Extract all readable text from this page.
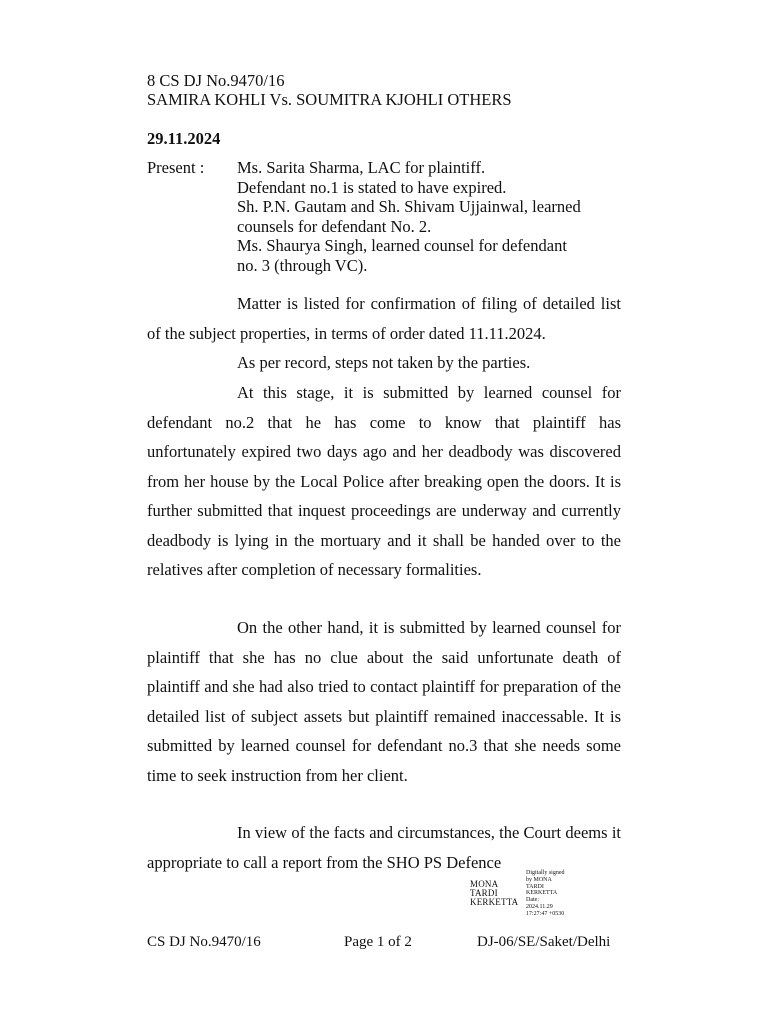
8 CS DJ No.9470/16
SAMIRA KOHLI Vs. SOUMITRA KJOHLI OTHERS
29.11.2024
Present : Ms. Sarita Sharma, LAC for plaintiff.
Defendant no.1 is stated to have expired.
Sh. P.N. Gautam and Sh. Shivam Ujjainwal, learned
counsels for defendant No. 2.
Ms. Shaurya Singh, learned counsel for defendant
no. 3 (through VC).
Matter is listed for confirmation of filing of detailed list of the subject properties, in terms of order dated 11.11.2024.
As per record, steps not taken by the parties.
At this stage, it is submitted by learned counsel for defendant no.2 that he has come to know that plaintiff has unfortunately expired two days ago and her deadbody was discovered from her house by the Local Police after breaking open the doors. It is further submitted that inquest proceedings are underway and currently deadbody is lying in the mortuary and it shall be handed over to the relatives after completion of necessary formalities.
On the other hand, it is submitted by learned counsel for plaintiff that she has no clue about the said unfortunate death of plaintiff and she had also tried to contact plaintiff for preparation of the detailed list of subject assets but plaintiff remained inaccessable. It is submitted by learned counsel for defendant no.3 that she needs some time to seek instruction from her client.
In view of the facts and circumstances, the Court deems it appropriate to call a report from the SHO PS Defence
MONA
TARDI
KERKETTA
Digitally signed
by MONA
TARDI
KERKETTA
Date:
2024.11.29
17:27:47 +0530
CS DJ No.9470/16	Page 1 of 2	DJ-06/SE/Saket/Delhi
